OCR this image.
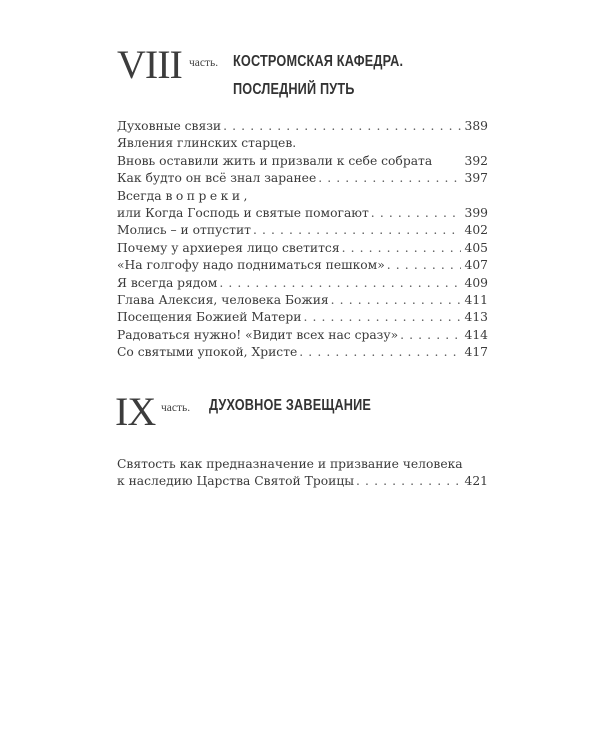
VIII часть. КОСТРОМСКАЯ КАФЕДРА.
ПОСЛЕДНИЙ ПУТЬ
Духовные связи . . .	389
Явления глинских старцев.
Вновь оставили жить и призвали к себе собрата	392
Как будто он всё знал заранее . . .	397
Всегда вопреки,
или Когда Господь и святые помогают . . .	399
Молись – и отпустит . . .	402
Почему у архиерея лицо светится . . .	405
«На голгофу надо подниматься пешком» . . .	407
Я всегда рядом . . .	409
Глава Алексия, человека Божия . . .	411
Посещения Божией Матери . . .	413
Радоваться нужно! «Видит всех нас сразу» . . .	414
Со святыми упокой, Христе . . .	417
IX часть. ДУХОВНОЕ ЗАВЕЩАНИЕ
Святость как предназначение и призвание человека
к наследию Царства Святой Троицы . . .	421
